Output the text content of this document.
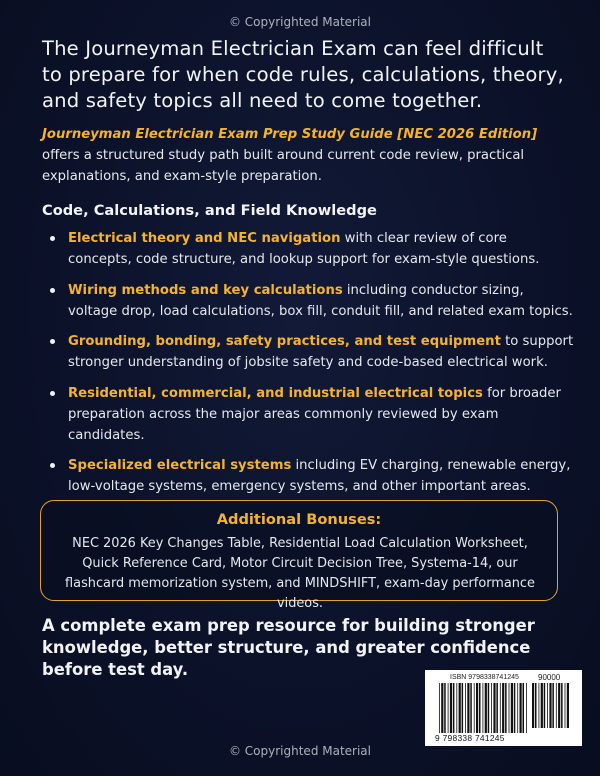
© Copyrighted Material
The Journeyman Electrician Exam can feel difficult to prepare for when code rules, calculations, theory, and safety topics all need to come together.
Journeyman Electrician Exam Prep Study Guide [NEC 2026 Edition] offers a structured study path built around current code review, practical explanations, and exam-style preparation.
Code, Calculations, and Field Knowledge
Electrical theory and NEC navigation with clear review of core concepts, code structure, and lookup support for exam-style questions.
Wiring methods and key calculations including conductor sizing, voltage drop, load calculations, box fill, conduit fill, and related exam topics.
Grounding, bonding, safety practices, and test equipment to support stronger understanding of jobsite safety and code-based electrical work.
Residential, commercial, and industrial electrical topics for broader preparation across the major areas commonly reviewed by exam candidates.
Specialized electrical systems including EV charging, renewable energy, low-voltage systems, emergency systems, and other important areas.
Additional Bonuses:
NEC 2026 Key Changes Table, Residential Load Calculation Worksheet, Quick Reference Card, Motor Circuit Decision Tree, Systema-14, our flashcard memorization system, and MINDSHIFT, exam-day performance videos.
A complete exam prep resource for building stronger knowledge, better structure, and greater confidence before test day.	ISBN 9798338741245 90000
9 798338 741245
© Copyrighted Material
